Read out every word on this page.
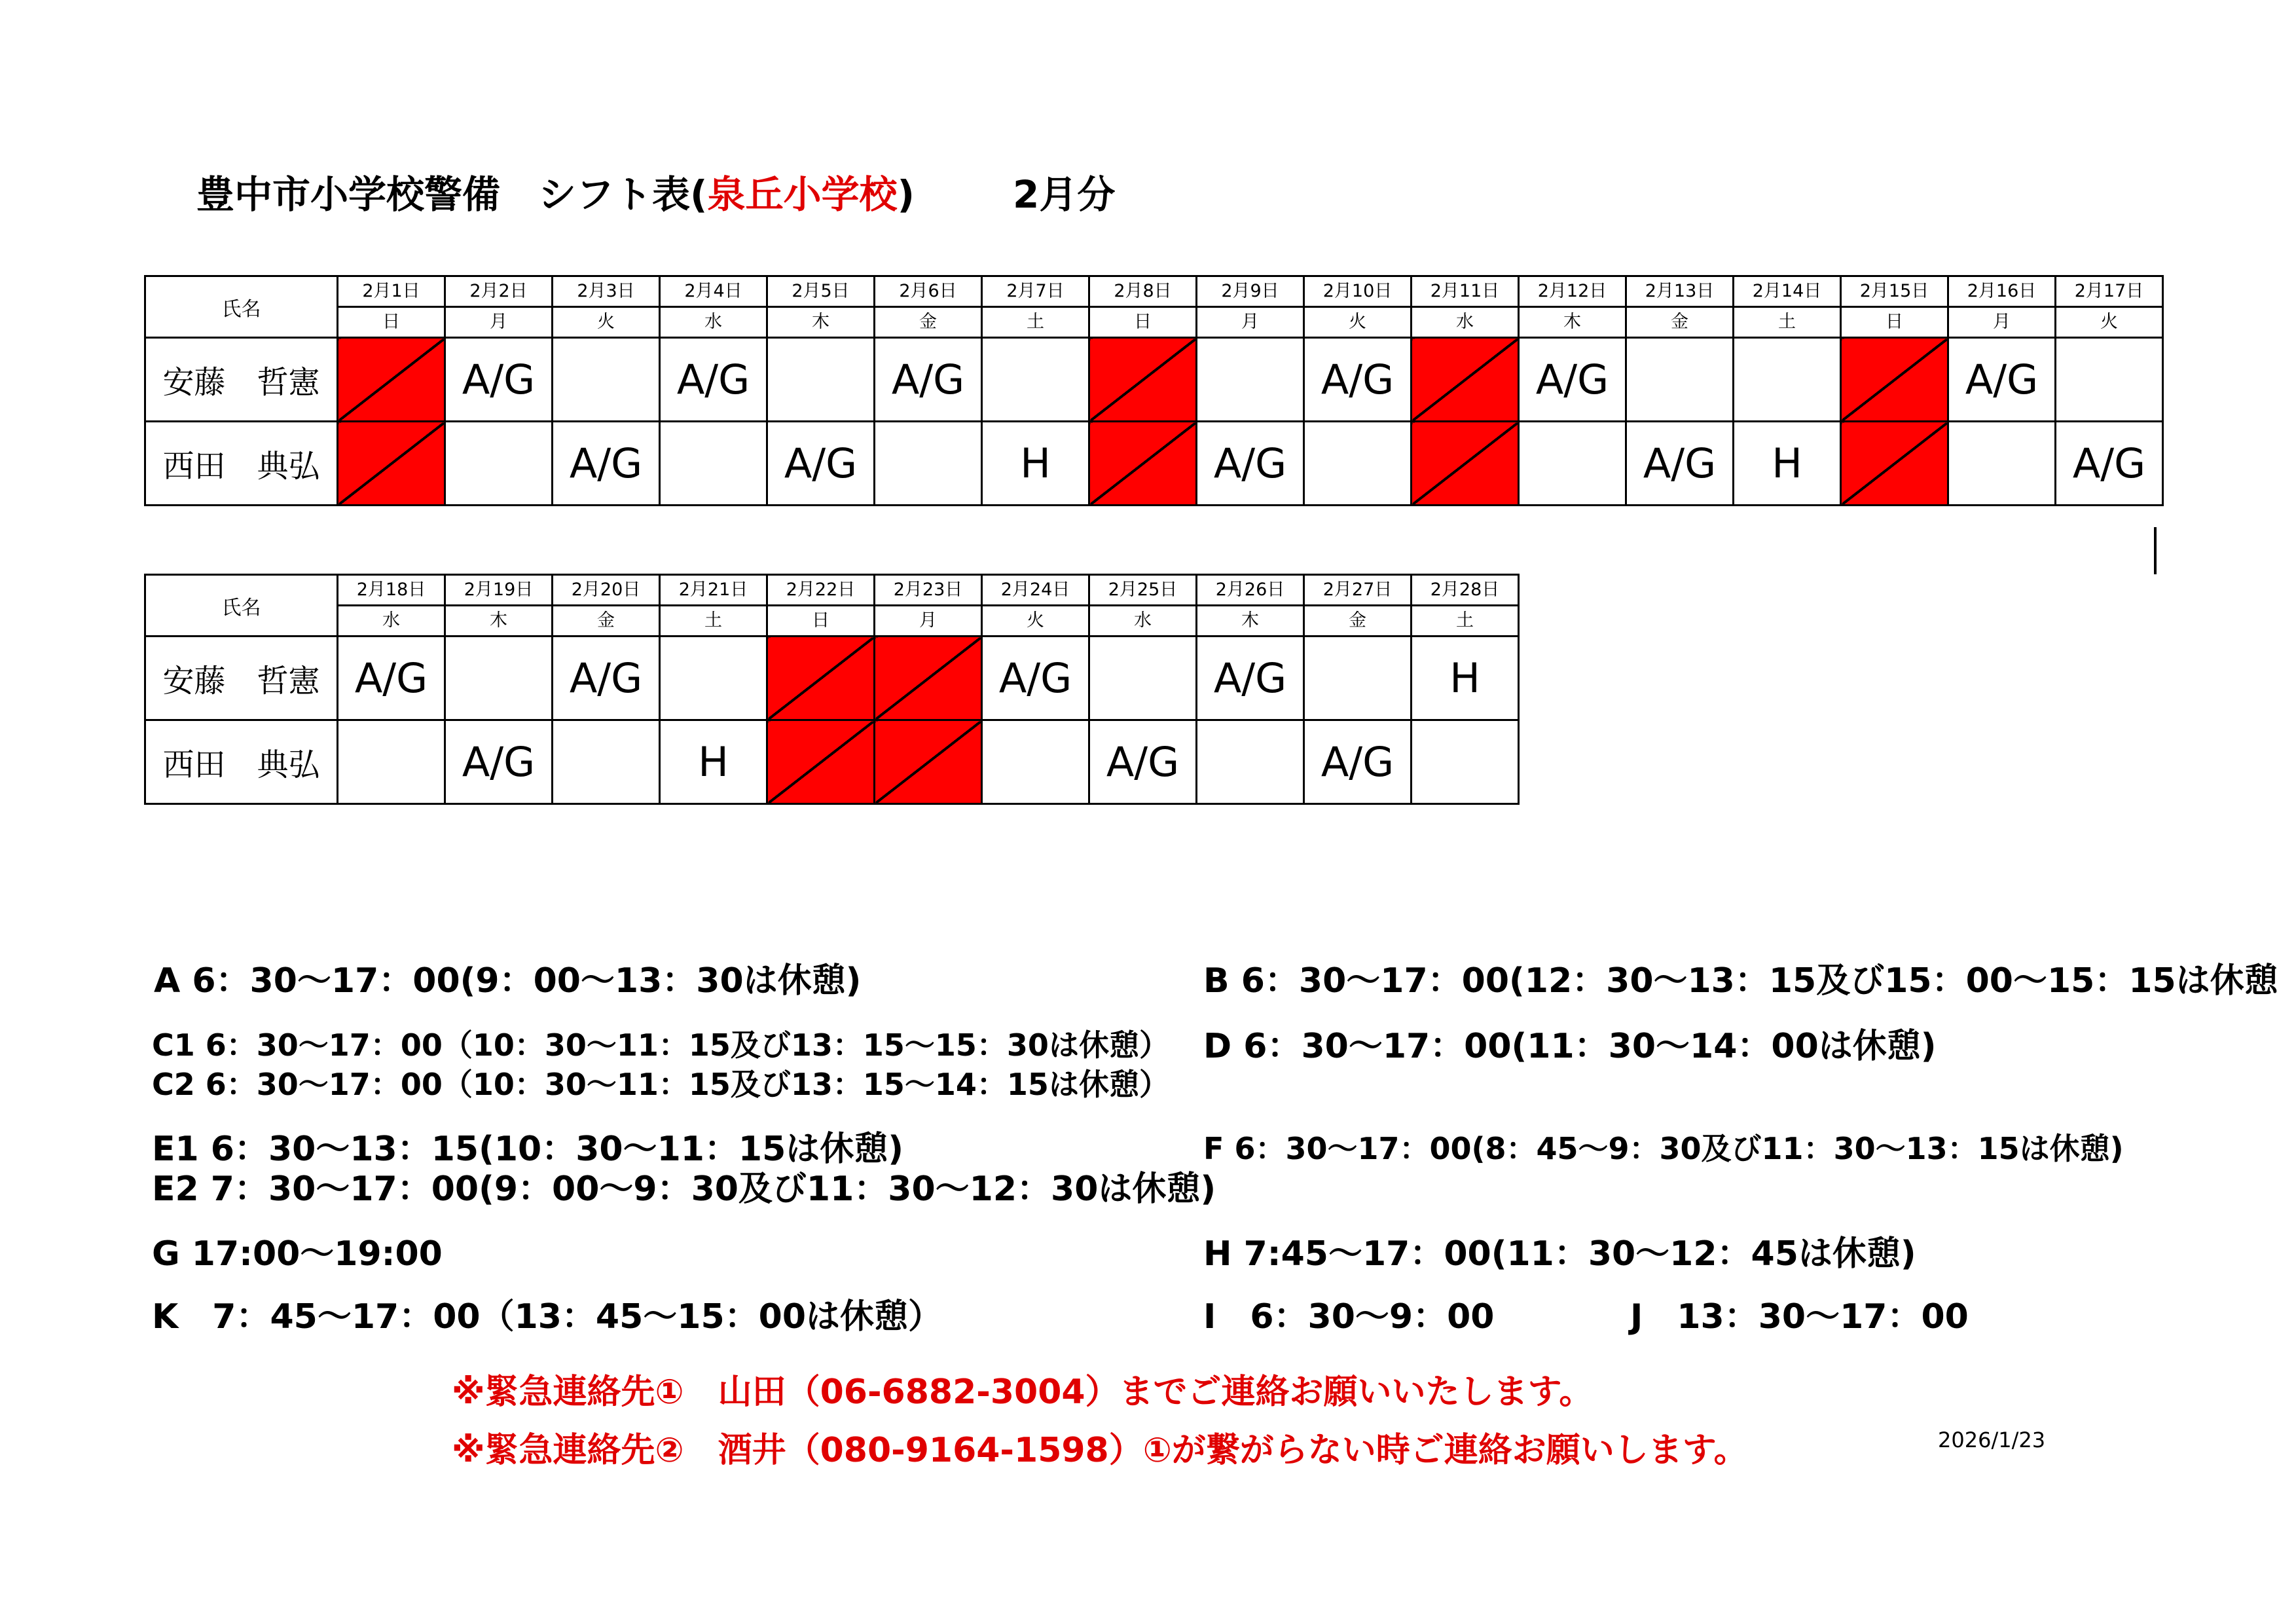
豊中市小学校警備　シフト表(泉丘小学校)	2月分
氏名	2月1日	2月2日	2月3日	2月4日	2月5日	2月6日	2月7日	2月8日	2月9日	2月10日	2月11日	2月12日	2月13日	2月14日	2月15日	2月16日	2月17日
	日	月	火	水	木	金	土	日	月	火	水	木	金	土	日	月	火
安藤　哲憲		A/G		A/G		A/G				A/G		A/G				A/G	
西田　典弘			A/G		A/G		H		A/G				A/G	H			A/G
氏名	2月18日	2月19日	2月20日	2月21日	2月22日	2月23日	2月24日	2月25日	2月26日	2月27日	2月28日
	水	木	金	土	日	月	火	水	木	金	土
安藤　哲憲	A/G		A/G				A/G		A/G		H
西田　典弘		A/G		H				A/G		A/G	
A 6：30～17：00(9：00～13：30は休憩)	B 6：30～17：00(12：30～13：15及び15：00～15：15は休憩
C1 6：30～17：00（10：30～11：15及び13：15～15：30は休憩）
C2 6：30～17：00（10：30～11：15及び13：15～14：15は休憩）
D 6：30～17：00(11：30～14：00は休憩)
E1 6：30～13：15(10：30～11：15は休憩)
E2 7：30～17：00(9：00～9：30及び11：30～12：30は休憩)
F 6：30～17：00(8：45～9：30及び11：30～13：15は休憩)
G 17:00～19:00	H 7:45～17：00(11：30～12：45は休憩)
K　7：45～17：00（13：45～15：00は休憩）	I　6：30～9：00	J　13：30～17：00
※緊急連絡先①　山田（06-6882-3004）までご連絡お願いいたします。
※緊急連絡先②　酒井（080-9164-1598）①が繋がらない時ご連絡お願いします。	2026/1/23
